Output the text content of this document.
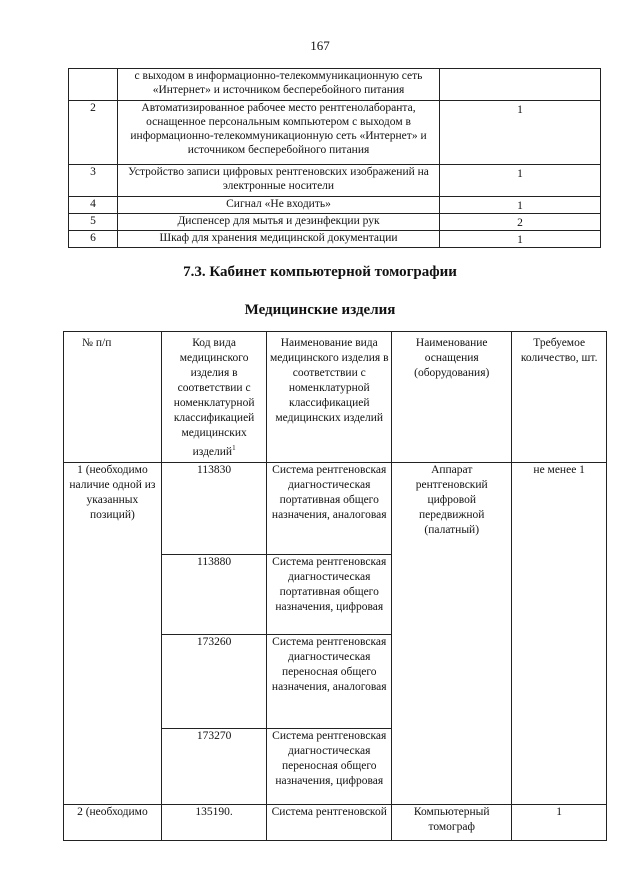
167
	с выходом в информационно-телекоммуникационную сеть «Интернет» и источником бесперебойного питания	
2	Автоматизированное рабочее место рентгенолаборанта, оснащенное персональным компьютером с выходом в информационно-телекоммуникационную сеть «Интернет» и источником бесперебойного питания	1
3	Устройство записи цифровых рентгеновских изображений на электронные носители	1
4	Сигнал «Не входить»	1
5	Диспенсер для мытья и дезинфекции рук	2
6	Шкаф для хранения медицинской документации	1
7.3. Кабинет компьютерной томографии
Медицинские изделия
№ п/п	Код вида медицинского изделия в соответствии с номенклатурной классификацией медицинских изделий$^1$	Наименование вида медицинского изделия в соответствии с номенклатурной классификацией медицинских изделий	Наименование оснащения (оборудования)	Требуемое количество, шт.
1 (необходимо наличие одной из указанных позиций)	113830	Система рентгеновская диагностическая портативная общего назначения, аналоговая	Аппарат рентгеновский цифровой передвижной (палатный)	не менее 1
	113880	Система рентгеновская диагностическая портативная общего назначения, цифровая		
	173260	Система рентгеновская диагностическая переносная общего назначения, аналоговая		
	173270	Система рентгеновская диагностическая переносная общего назначения, цифровая		
2 (необходимо	135190.	Система рентгеновской	Компьютерный томограф	1
